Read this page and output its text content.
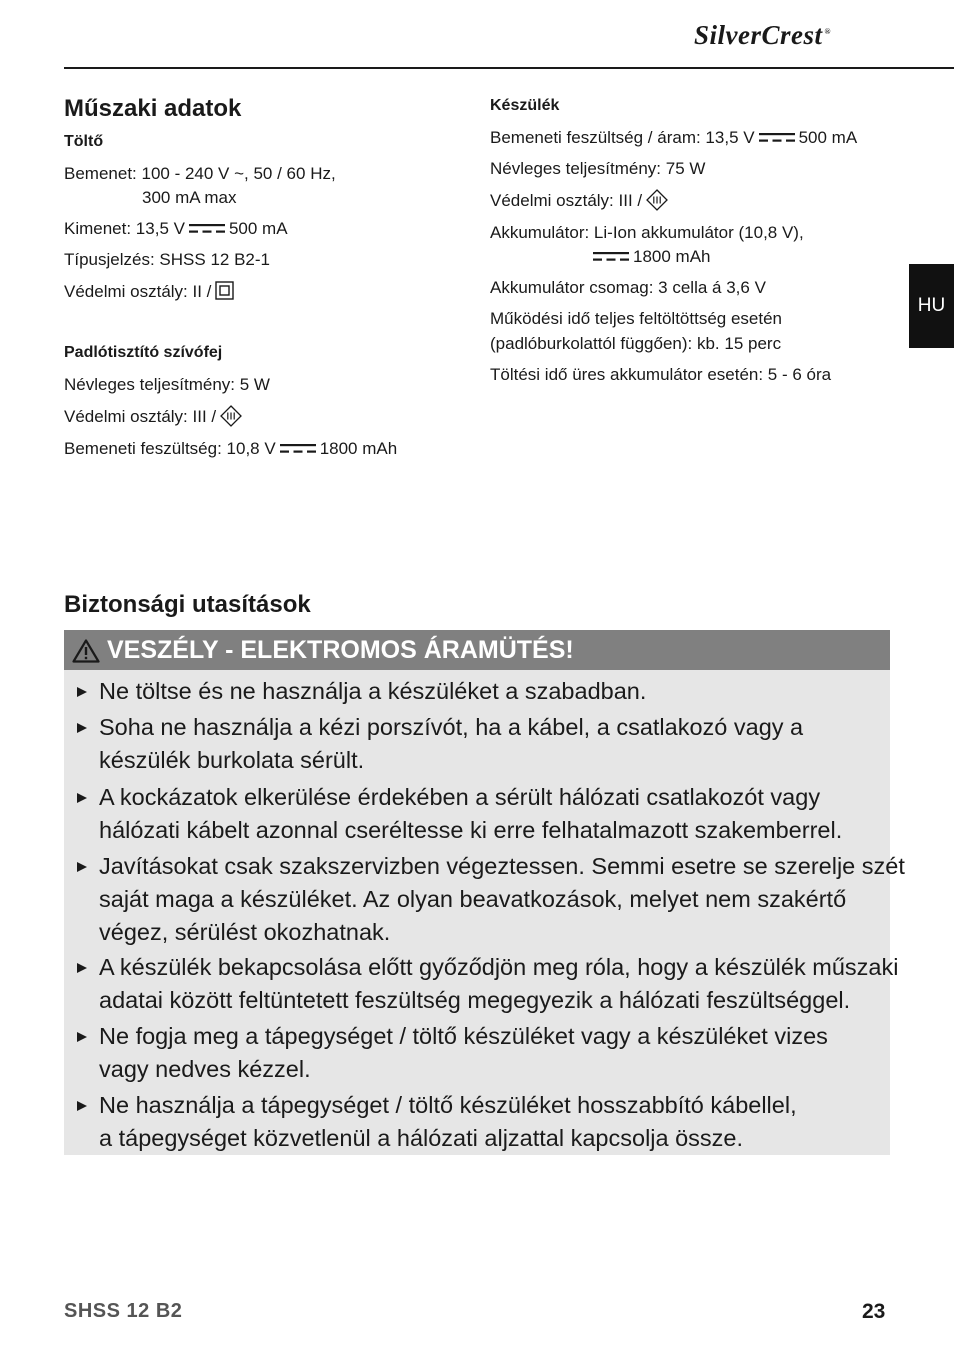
SilverCrest ®
HU
Műszaki adatok
Töltő
Bemenet: 100 - 240 V ~, 50 / 60 Hz,
300 mA max
Kimenet: 13,5 V	500 mA
Típusjelzés: SHSS 12 B2-1
Védelmi osztály: II /
Padlótisztító szívófej
Névleges teljesítmény: 5 W
Védelmi osztály: III /
Bemeneti feszültség: 10,8 V	1800 mAh
Készülék
Bemeneti feszültség / áram: 13,5 V	500 mA
Névleges teljesítmény: 75 W
Védelmi osztály: III /
Akkumulátor: Li-Ion akkumulátor (10,8 V),
1800 mAh
Akkumulátor csomag: 3 cella á 3,6 V
Működési idő teljes feltöltöttség esetén
(padlóburkolattól függően): kb. 15 perc
Töltési idő üres akkumulátor esetén: 5 - 6 óra
Biztonsági utasítások
VESZÉLY - ELEKTROMOS ÁRAMÜTÉS!
Ne töltse és ne használja a készüléket a szabadban.
Soha ne használja a kézi porszívót, ha a kábel, a csatlakozó vagy a
készülék burkolata sérült.
A kockázatok elkerülése érdekében a sérült hálózati csatlakozót vagy
hálózati kábelt azonnal cseréltesse ki erre felhatalmazott szakemberrel.
Javításokat csak szakszervizben végeztessen. Semmi esetre se szerelje szét
saját maga a készüléket. Az olyan beavatkozások, melyet nem szakértő
végez, sérülést okozhatnak.
A készülék bekapcsolása előtt győződjön meg róla, hogy a készülék műszaki
adatai között feltüntetett feszültség megegyezik a hálózati feszültséggel.
Ne fogja meg a tápegységet / töltő készüléket vagy a készüléket vizes
vagy nedves kézzel.
Ne használja a tápegységet / töltő készüléket hosszabbító kábellel,
a tápegységet közvetlenül a hálózati aljzattal kapcsolja össze.
SHSS 12 B2	23
